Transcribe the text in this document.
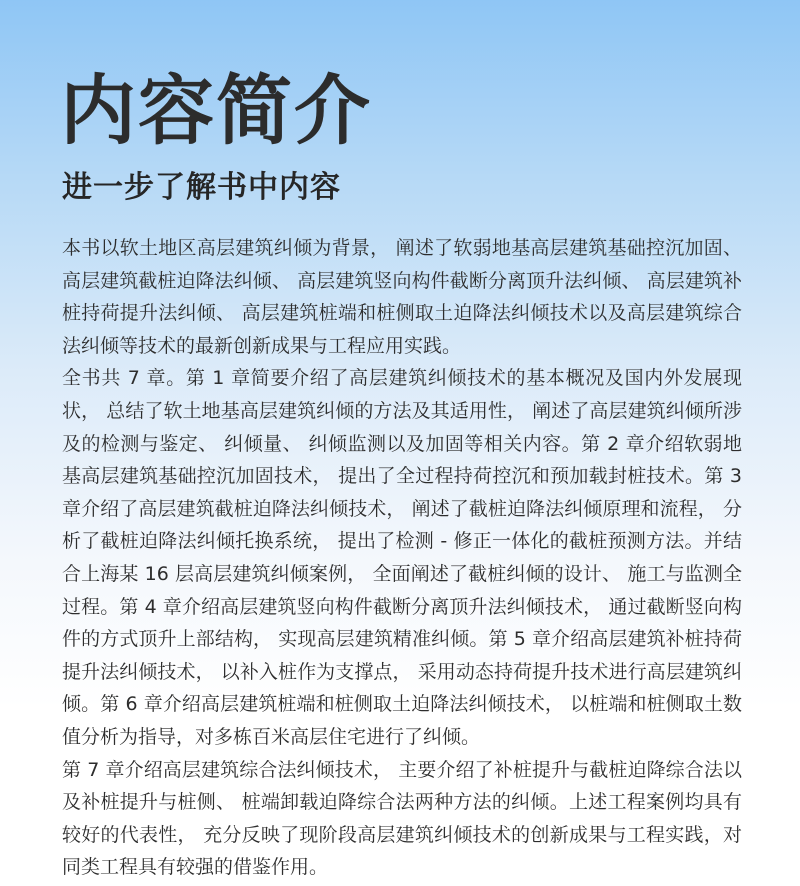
内容简介
进一步了解书中内容

本书以软土地区高层建筑纠倾为背景， 阐述了软弱地基高层建筑基础控沉加固、 高层建筑截桩迫降法纠倾、 高层建筑竖向构件截断分离顶升法纠倾、 高层建筑补桩持荷提升法纠倾、 高层建筑桩端和桩侧取土迫降法纠倾技术以及高层建筑综合法纠倾等技术的最新创新成果与工程应用实践。

全书共 7 章。第 1 章简要介绍了高层建筑纠倾技术的基本概况及国内外发展现状， 总结了软土地基高层建筑纠倾的方法及其适用性， 阐述了高层建筑纠倾所涉及的检测与鉴定、 纠倾量、 纠倾监测以及加固等相关内容。第 2 章介绍软弱地基高层建筑基础控沉加固技术， 提出了全过程持荷控沉和预加载封桩技术。第 3 章介绍了高层建筑截桩迫降法纠倾技术， 阐述了截桩迫降法纠倾原理和流程， 分析了截桩迫降法纠倾托换系统， 提出了检测 - 修正一体化的截桩预测方法。并结合上海某 16 层高层建筑纠倾案例， 全面阐述了截桩纠倾的设计、 施工与监测全过程。第 4 章介绍高层建筑竖向构件截断分离顶升法纠倾技术， 通过截断竖向构件的方式顶升上部结构， 实现高层建筑精准纠倾。第 5 章介绍高层建筑补桩持荷提升法纠倾技术， 以补入桩作为支撑点， 采用动态持荷提升技术进行高层建筑纠倾。第 6 章介绍高层建筑桩端和桩侧取土迫降法纠倾技术， 以桩端和桩侧取土数值分析为指导，对多栋百米高层住宅进行了纠倾。

第 7 章介绍高层建筑综合法纠倾技术， 主要介绍了补桩提升与截桩迫降综合法以及补桩提升与桩侧、 桩端卸载迫降综合法两种方法的纠倾。上述工程案例均具有较好的代表性， 充分反映了现阶段高层建筑纠倾技术的创新成果与工程实践，对同类工程具有较强的借鉴作用。
